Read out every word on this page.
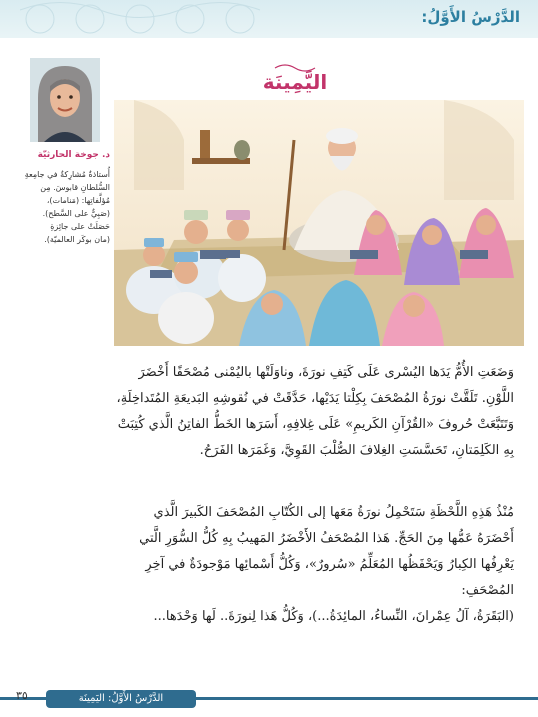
الدَّرْسُ الأَوَّلُ:
د. جوخة الحارثيّة
أُستاذةٌ مُشارِكةٌ في جامِعةِ
السُّلطانِ قابوسَ. مِن
مُؤلَّفاتِها: (مَنامات)،
(صَبِيٌّ على السَّطح).
حَصَلَتْ على جائِزةِ
(مان بوكَر العالميّة).
اليَّمِينَة
وَضَعَتِ الأُمُّ يَدَها اليُسْرى عَلَى كَتِفِ نورَةَ، وناوَلَتْها باليُمْنى مُصْحَفًا أَخْضَرَ
اللَّوْنِ. تَلَقَّتْ نورَةُ المُصْحَفَ بِكِلْتا يَدَيْها، حَدَّقَتْ في نُقوشِهِ البَديعَةِ المُتَداخِلَةِ،
وَتَتَبَّعَتْ حُروفَ «القُرْآنِ الكَريمِ» عَلَى غِلافِهِ، أَسَرَها الخَطُّ الفاتِنُ الَّذي كُتِبَتْ
بِهِ الكَلِمَتانِ، تَحَسَّسَتِ الغِلافَ الصُّلْبَ القَوِيَّ، وَغَمَرَها الفَرَحُ.
مُنْذُ هَذِهِ اللَّحْظَةِ سَتَحْمِلُ نورَةُ مَعَها إلى الكُتّابِ المُصْحَفَ الكَبيرَ الَّذي
أَحْضَرَهُ عَمُّها مِنَ الحَجِّ. هَذا المُصْحَفُ الأَخْضَرُ المَهيبُ بِهِ كُلُّ السُّوَرِ الَّتي
يَعْرِفُها الكِبارُ وَيَحْفَظُها المُعَلِّمُ «سُرورٌ»، وَكُلُّ أَسْمائِها مَوْجودَةٌ في آخِرِ
المُصْحَفِ:
(البَقَرَةُ، آلُ عِمْرانَ، النِّساءُ، المائِدَةُ...)، وَكُلُّ هَذا لِنورَةَ.. لَها وَحْدَها...
الدَّرْسُ الأَوَّلُ: اليَمِينَة
٣٥
